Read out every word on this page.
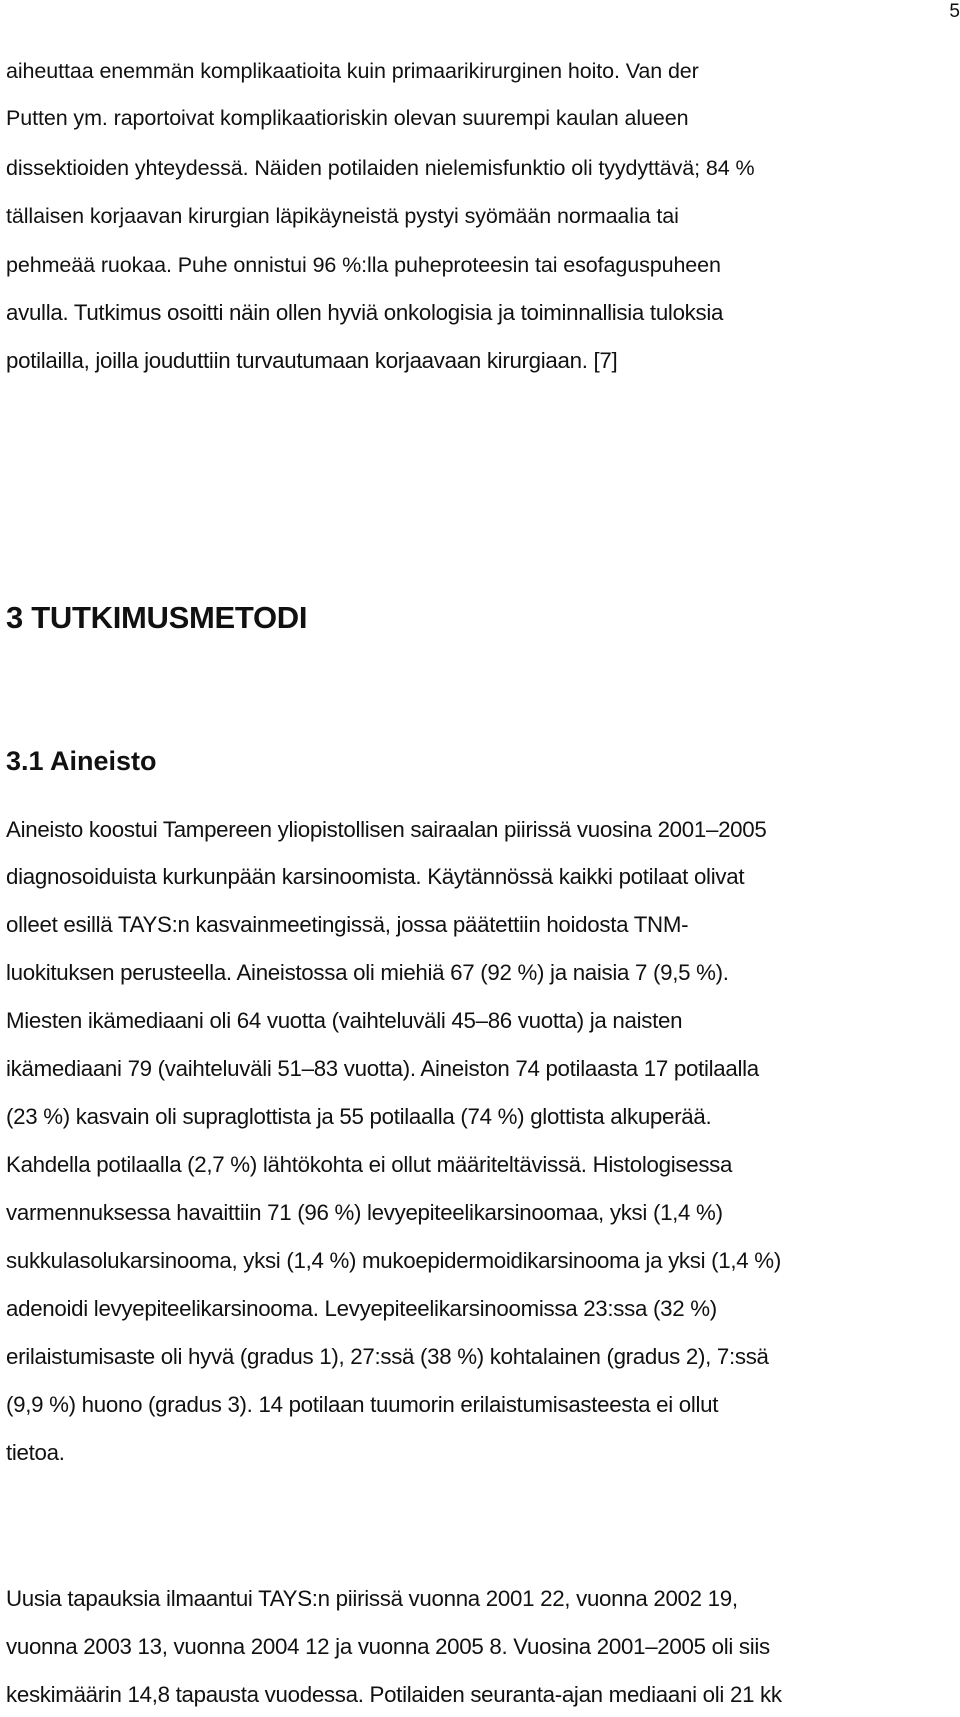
5

aiheuttaa enemmän komplikaatioita kuin primaarikirurginen hoito. Van der

Putten ym. raportoivat komplikaatioriskin olevan suurempi kaulan alueen

dissektioiden yhteydessä. Näiden potilaiden nielemisfunktio oli tyydyttävä; 84 %

tällaisen korjaavan kirurgian läpikäyneistä pystyi syömään normaalia tai

pehmeää ruokaa. Puhe onnistui 96 %:lla puheproteesin tai esofaguspuheen

avulla. Tutkimus osoitti näin ollen hyviä onkologisia ja toiminnallisia tuloksia

potilailla, joilla jouduttiin turvautumaan korjaavaan kirurgiaan. [7]

3 TUTKIMUSMETODI
3.1 Aineisto

Aineisto koostui Tampereen yliopistollisen sairaalan piirissä vuosina 2001–2005

diagnosoiduista kurkunpään karsinoomista. Käytännössä kaikki potilaat olivat

olleet esillä TAYS:n kasvainmeetingissä, jossa päätettiin hoidosta TNM-

luokituksen perusteella. Aineistossa oli miehiä 67 (92 %) ja naisia 7 (9,5 %).

Miesten ikämediaani oli 64 vuotta (vaihteluväli 45–86 vuotta) ja naisten

ikämediaani 79 (vaihteluväli 51–83 vuotta). Aineiston 74 potilaasta 17 potilaalla

(23 %) kasvain oli supraglottista ja 55 potilaalla (74 %) glottista alkuperää.

Kahdella potilaalla (2,7 %) lähtökohta ei ollut määriteltävissä. Histologisessa

varmennuksessa havaittiin 71 (96 %) levyepiteelikarsinoomaa, yksi (1,4 %)

sukkulasolukarsinooma, yksi (1,4 %) mukoepidermoidikarsinooma ja yksi (1,4 %)

adenoidi levyepiteelikarsinooma. Levyepiteelikarsinoomissa 23:ssa (32 %)

erilaistumisaste oli hyvä (gradus 1), 27:ssä (38 %) kohtalainen (gradus 2), 7:ssä

(9,9 %) huono (gradus 3). 14 potilaan tuumorin erilaistumisasteesta ei ollut

tietoa.

Uusia tapauksia ilmaantui TAYS:n piirissä vuonna 2001 22, vuonna 2002 19,

vuonna 2003 13, vuonna 2004 12 ja vuonna 2005 8. Vuosina 2001–2005 oli siis

keskimäärin 14,8 tapausta vuodessa. Potilaiden seuranta-ajan mediaani oli 21 kk
